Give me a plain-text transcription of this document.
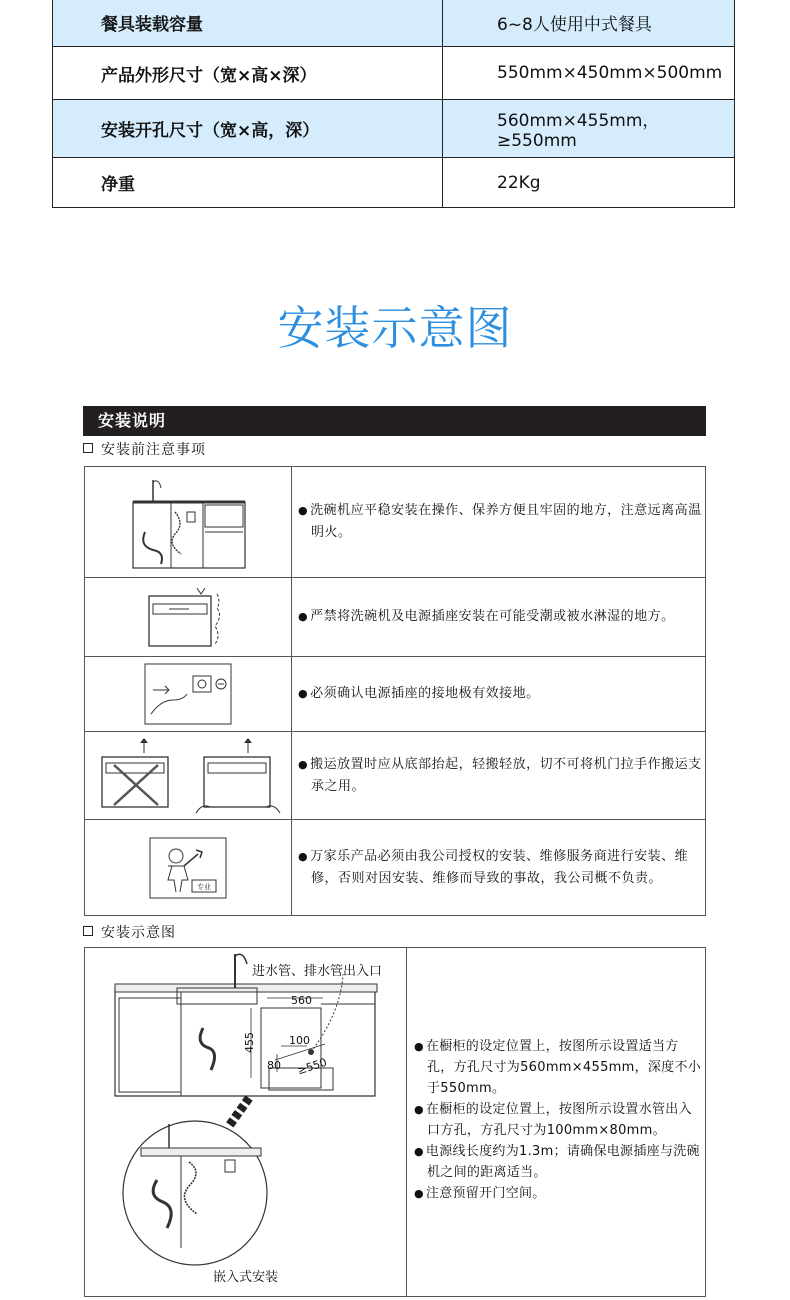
餐具装载容量	6~8人使用中式餐具
产品外形尺寸（宽×高×深）	550mm×450mm×500mm
安装开孔尺寸（宽×高，深）	560mm×455mm，≥550mm
净重	22Kg
安装示意图
安装说明
安装前注意事项

● 洗碗机应平稳安装在操作、保养方便且牢固的地方，注意远离高温明火。

● 严禁将洗碗机及电源插座安装在可能受潮或被水淋湿的地方。

● 必须确认电源插座的接地极有效接地。

● 搬运放置时应从底部抬起，轻搬轻放，切不可将机门拉手作搬运支承之用。

专业	● 万家乐产品必须由我公司授权的安装、维修服务商进行安装、维修，否则对因安装、维修而导致的事故，我公司概不负责。
安装示意图
进水管、排水管出入口
560
455	100
80 ≥550
嵌入式安装
● 在橱柜的设定位置上，按图所示设置适当方孔，方孔尺寸为560mm×455mm，深度不小于550mm。
● 在橱柜的设定位置上，按图所示设置水管出入口方孔，方孔尺寸为100mm×80mm。
● 电源线长度约为1.3m；请确保电源插座与洗碗机之间的距离适当。
● 注意预留开门空间。
